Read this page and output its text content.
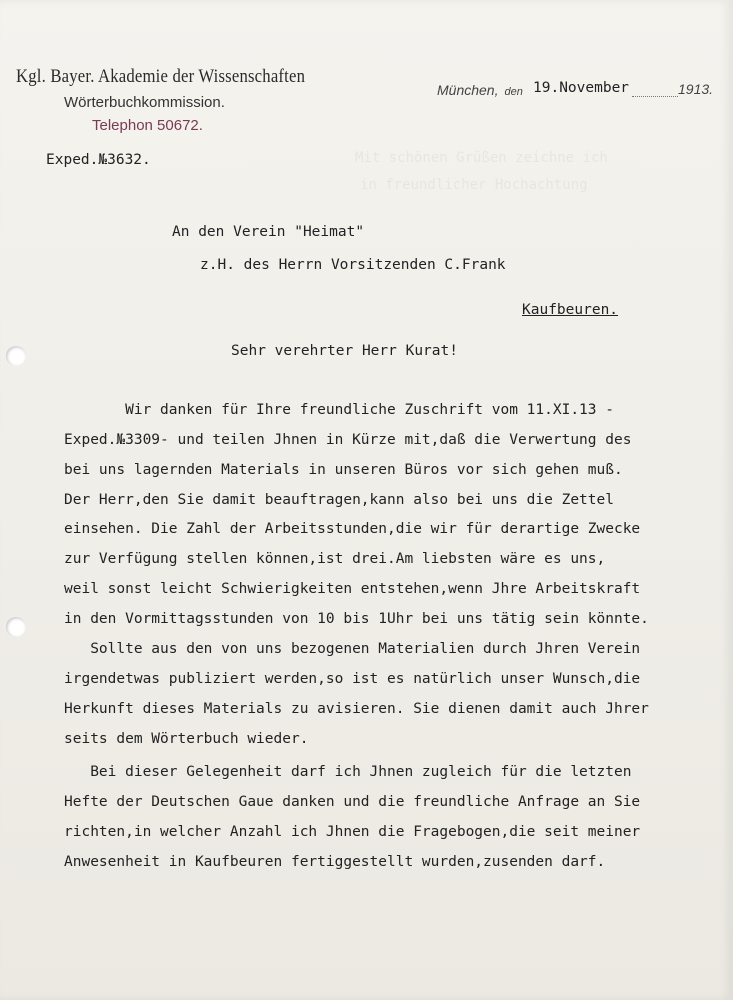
Mit schönen Grüßen zeichne ich
in freundlicher Hochachtung
Kgl. Bayer. Akademie der Wissenschaften
Wörterbuchkommission.
Telephon 50672.
München, den 19.November	1913.
Exped.№3632.
An den Verein "Heimat"
z.H. des Herrn Vorsitzenden C.Frank
Kaufbeuren.
Sehr verehrter Herr Kurat!
Wir danken für Ihre freundliche Zuschrift vom 11.XI.13 -
Exped.№3309- und teilen Jhnen in Kürze mit,daß die Verwertung des
bei uns lagernden Materials in unseren Büros vor sich gehen muß.
Der Herr,den Sie damit beauftragen,kann also bei uns die Zettel
einsehen. Die Zahl der Arbeitsstunden,die wir für derartige Zwecke
zur Verfügung stellen können,ist drei.Am liebsten wäre es uns,
weil sonst leicht Schwierigkeiten entstehen,wenn Jhre Arbeitskraft
in den Vormittagsstunden von 10 bis 1Uhr bei uns tätig sein könnte.
Sollte aus den von uns bezogenen Materialien durch Jhren Verein
irgendetwas publiziert werden,so ist es natürlich unser Wunsch,die
Herkunft dieses Materials zu avisieren. Sie dienen damit auch Jhrer
seits dem Wörterbuch wieder.
Bei dieser Gelegenheit darf ich Jhnen zugleich für die letzten
Hefte der Deutschen Gaue danken und die freundliche Anfrage an Sie
richten,in welcher Anzahl ich Jhnen die Fragebogen,die seit meiner
Anwesenheit in Kaufbeuren fertiggestellt wurden,zusenden darf.
